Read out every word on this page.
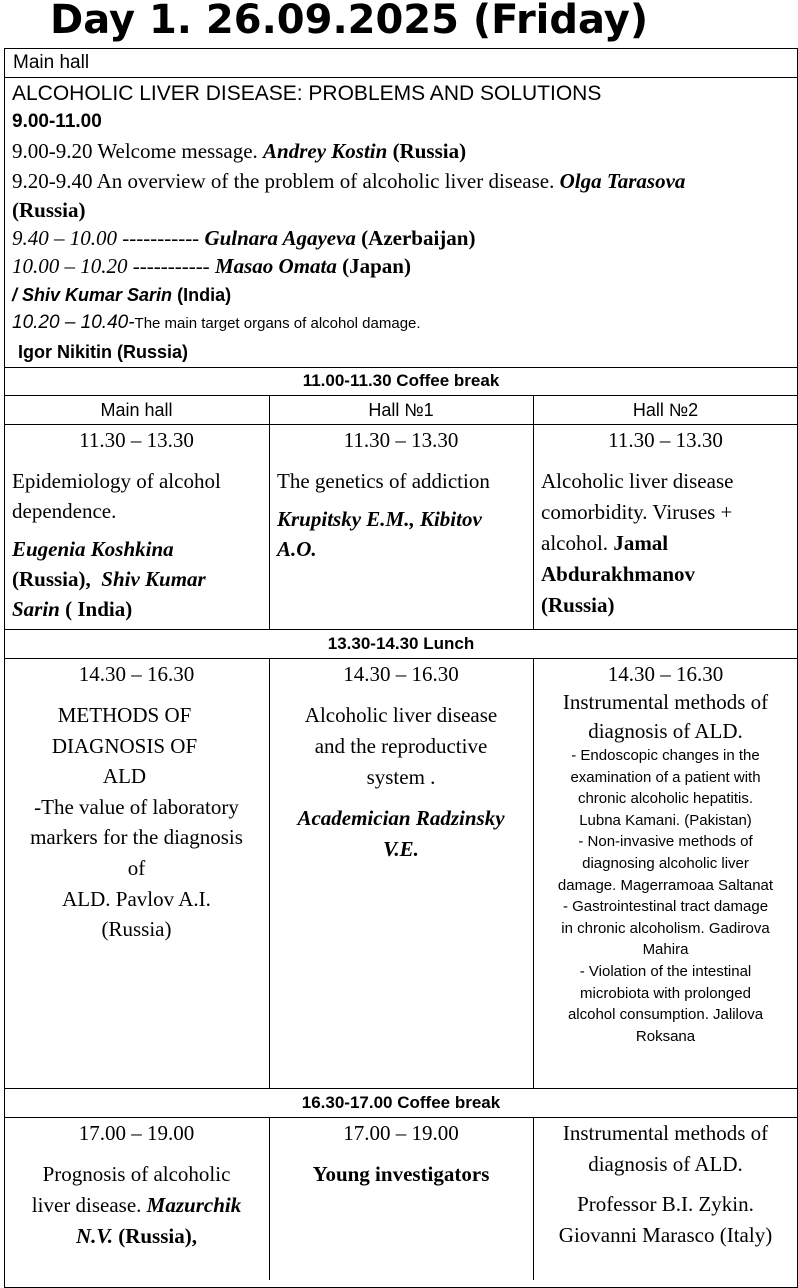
Day 1. 26.09.2025 (Friday)
Main hall
ALCOHOLIC LIVER DISEASE: PROBLEMS AND SOLUTIONS
9.00-11.00
9.00-9.20 Welcome message. Andrey Kostin (Russia)
9.20-9.40 An overview of the problem of alcoholic liver disease. Olga Tarasova
(Russia)
9.40 – 10.00 ----------- Gulnara Agayeva (Azerbaijan)
10.00 – 10.20 ----------- Masao Omata (Japan)
/ Shiv Kumar Sarin (India)
10.20 – 10.40-The main target organs of alcohol damage.
Igor Nikitin (Russia)
11.00-11.30 Coffee break
Main hall	Hall №1	Hall №2
11.30 – 13.30
Epidemiology of alcohol
dependence.
Eugenia Koshkina
(Russia), Shiv Kumar
Sarin ( India)
11.30 – 13.30
The genetics of addiction
Krupitsky E.M., Kibitov
A.O.
11.30 – 13.30
Alcoholic liver disease
comorbidity. Viruses +
alcohol. Jamal
Abdurakhmanov
(Russia)
13.30-14.30 Lunch
14.30 – 16.30
METHODS OF
DIAGNOSIS OF
ALD
-The value of laboratory
markers for the diagnosis
of
ALD. Pavlov A.I.
(Russia)
14.30 – 16.30
Alcoholic liver disease
and the reproductive
system .
Academician Radzinsky
V.E.
14.30 – 16.30
Instrumental methods of
diagnosis of ALD.
- Endoscopic changes in the
examination of a patient with
chronic alcoholic hepatitis.
Lubna Kamani. (Pakistan)
- Non-invasive methods of
diagnosing alcoholic liver
damage. Magerramoaa Saltanat
- Gastrointestinal tract damage
in chronic alcoholism. Gadirova
Mahira
- Violation of the intestinal
microbiota with prolonged
alcohol consumption. Jalilova
Roksana
16.30-17.00 Coffee break
17.00 – 19.00
Prognosis of alcoholic
liver disease. Mazurchik
N.V. (Russia),
17.00 – 19.00
Young investigators
Instrumental methods of
diagnosis of ALD.
Professor B.I. Zykin.
Giovanni Marasco (Italy)
